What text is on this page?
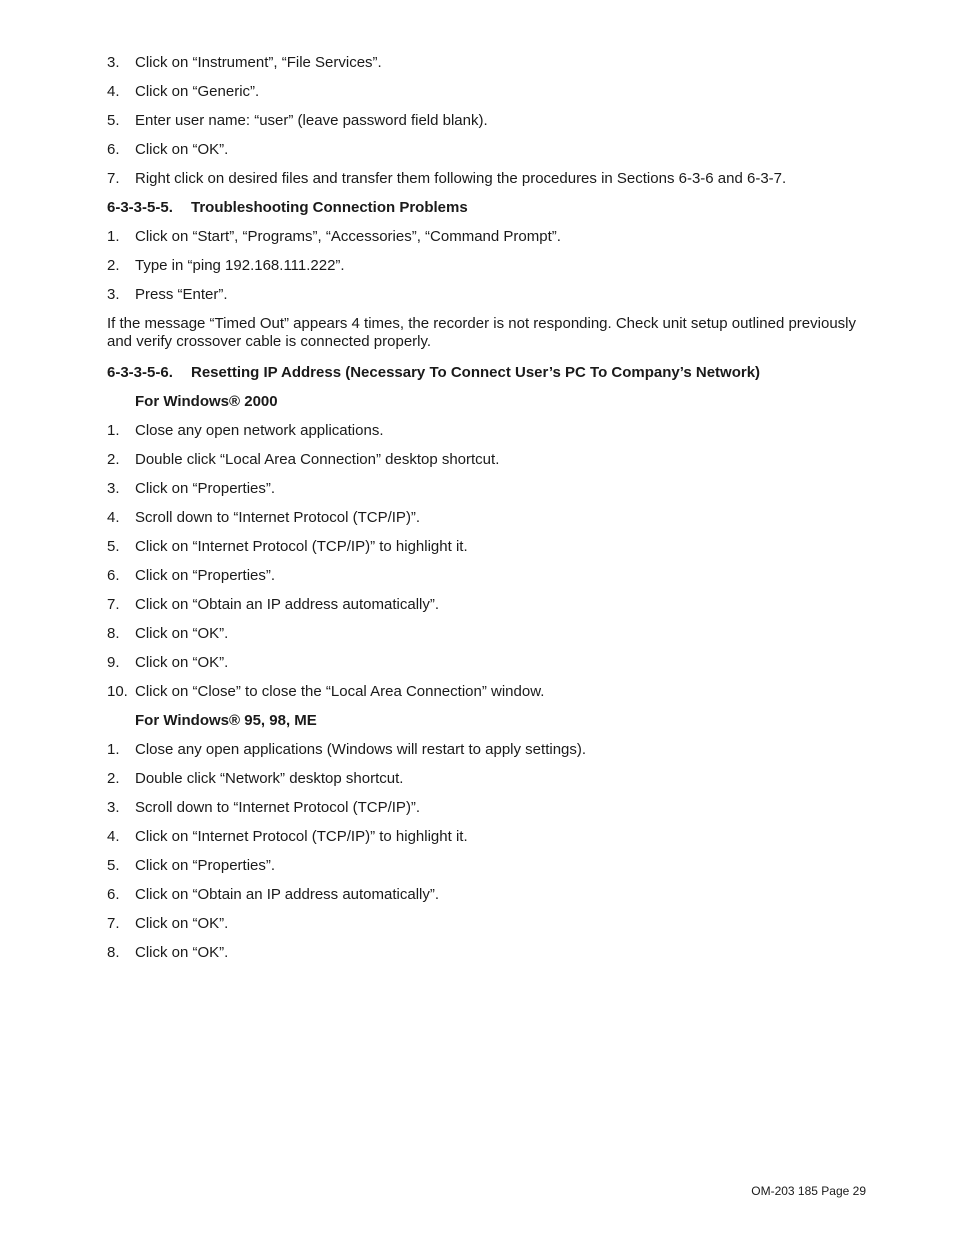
3.	Click on “Instrument”, “File Services”.
4.	Click on “Generic”.
5.	Enter user name: “user” (leave password field blank).
6.	Click on “OK”.
7.	Right click on desired files and transfer them following the procedures in Sections 6-3-6 and 6-3-7.
6-3-3-5-5. Troubleshooting Connection Problems
1.	Click on “Start”, “Programs”, “Accessories”, “Command Prompt”.
2.	Type in “ping 192.168.111.222”.
3.	Press “Enter”.
If the message “Timed Out” appears 4 times, the recorder is not responding. Check unit setup outlined previously and verify crossover cable is connected properly.
6-3-3-5-6. Resetting IP Address (Necessary To Connect User’s PC To Company’s Network)
For Windows® 2000
1.	Close any open network applications.
2.	Double click “Local Area Connection” desktop shortcut.
3.	Click on “Properties”.
4.	Scroll down to “Internet Protocol (TCP/IP)”.
5.	Click on “Internet Protocol (TCP/IP)” to highlight it.
6.	Click on “Properties”.
7.	Click on “Obtain an IP address automatically”.
8.	Click on “OK”.
9.	Click on “OK”.
10. Click on “Close” to close the “Local Area Connection” window.
For Windows® 95, 98, ME
1.	Close any open applications (Windows will restart to apply settings).
2.	Double click “Network” desktop shortcut.
3.	Scroll down to “Internet Protocol (TCP/IP)”.
4.	Click on “Internet Protocol (TCP/IP)” to highlight it.
5.	Click on “Properties”.
6.	Click on “Obtain an IP address automatically”.
7.	Click on “OK”.
8.	Click on “OK”.
OM-203 185 Page 29
